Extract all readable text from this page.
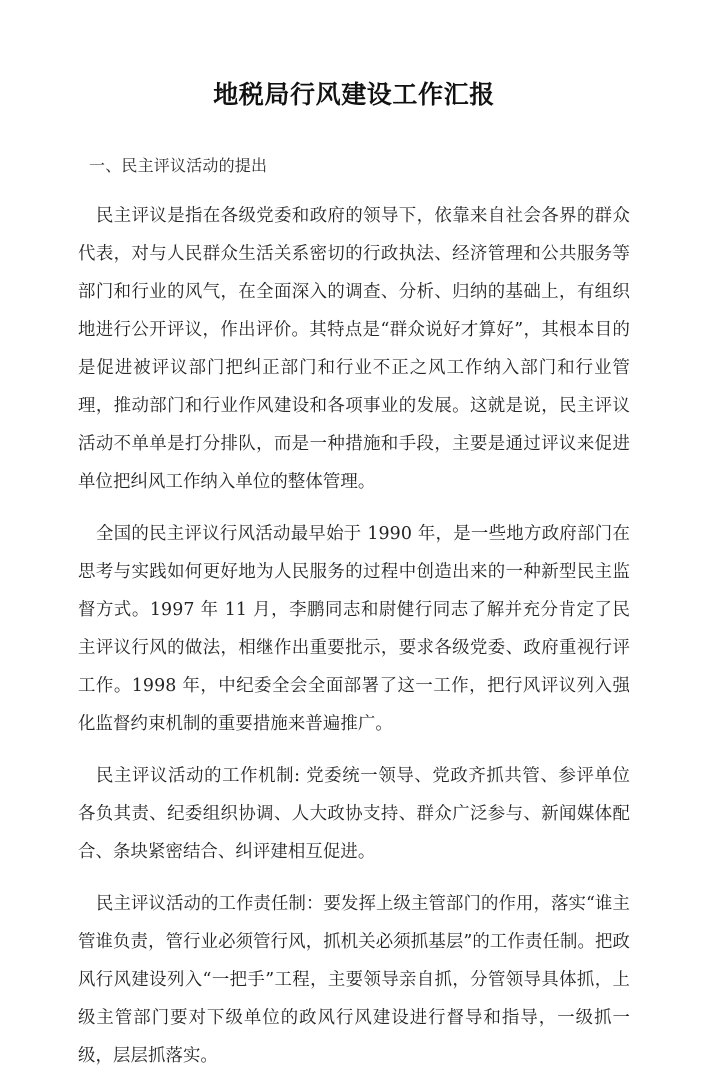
地税局行风建设工作汇报

一、民主评议活动的提出

民主评议是指在各级党委和政府的领导下，依靠来自社会各界的群众代表，对与人民群众生活关系密切的行政执法、经济管理和公共服务等部门和行业的风气，在全面深入的调查、分析、归纳的基础上，有组织地进行公开评议，作出评价。其特点是“群众说好才算好”，其根本目的是促进被评议部门把纠正部门和行业不正之风工作纳入部门和行业管理，推动部门和行业作风建设和各项事业的发展。这就是说，民主评议活动不单单是打分排队，而是一种措施和手段，主要是通过评议来促进单位把纠风工作纳入单位的整体管理。

全国的民主评议行风活动最早始于 1990 年，是一些地方政府部门在思考与实践如何更好地为人民服务的过程中创造出来的一种新型民主监督方式。1997 年 11 月，李鹏同志和尉健行同志了解并充分肯定了民主评议行风的做法，相继作出重要批示，要求各级党委、政府重视行评工作。1998 年，中纪委全会全面部署了这一工作，把行风评议列入强化监督约束机制的重要措施来普遍推广。

民主评议活动的工作机制: 党委统一领导、党政齐抓共管、参评单位各负其责、纪委组织协调、人大政协支持、群众广泛参与、新闻媒体配合、条块紧密结合、纠评建相互促进。

民主评议活动的工作责任制：要发挥上级主管部门的作用，落实“谁主管谁负责，管行业必须管行风，抓机关必须抓基层”的工作责任制。把政风行风建设列入“一把手”工程，主要领导亲自抓，分管领导具体抓，上级主管部门要对下级单位的政风行风建设进行督导和指导，一级抓一级，层层抓落实。
